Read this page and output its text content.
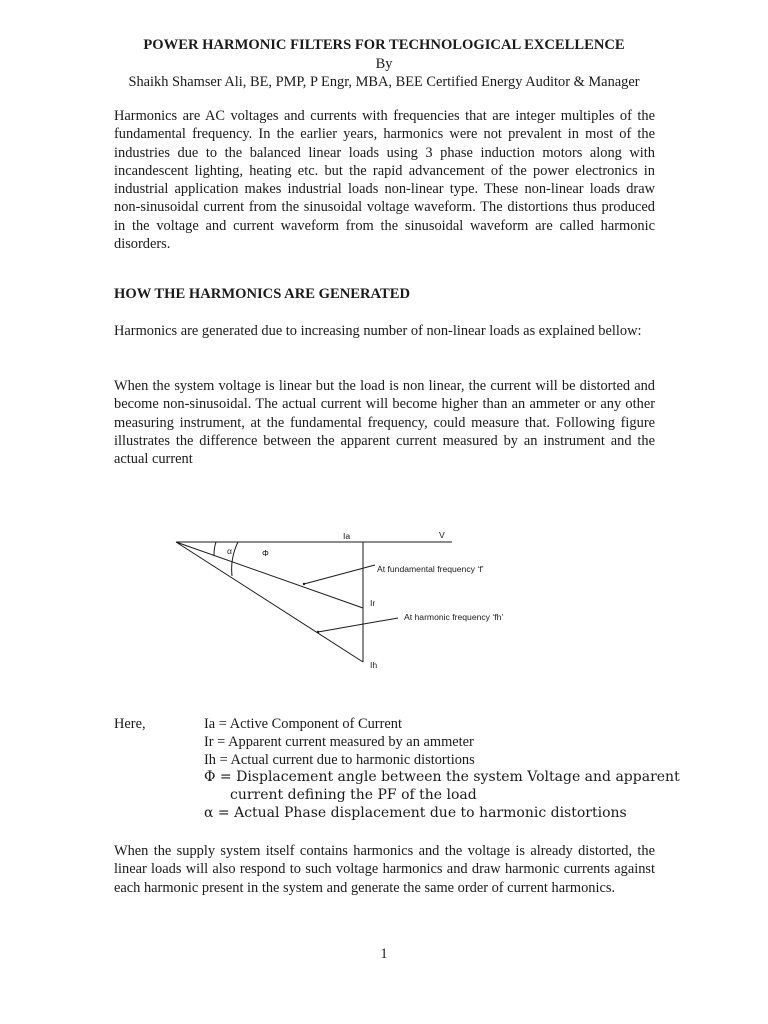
POWER HARMONIC FILTERS FOR TECHNOLOGICAL EXCELLENCE
By
Shaikh Shamser Ali, BE, PMP, P Engr, MBA, BEE Certified Energy Auditor & Manager

Harmonics are AC voltages and currents with frequencies that are integer multiples of the fundamental frequency. In the earlier years, harmonics were not prevalent in most of the industries due to the balanced linear loads using 3 phase induction motors along with incandescent lighting, heating etc. but the rapid advancement of the power electronics in industrial application makes industrial loads non-linear type. These non-linear loads draw non-sinusoidal current from the sinusoidal voltage waveform. The distortions thus produced in the voltage and current waveform from the sinusoidal waveform are called harmonic disorders.

HOW THE HARMONICS ARE GENERATED

Harmonics are generated due to increasing number of non-linear loads as explained bellow:

When the system voltage is linear but the load is non linear, the current will be distorted and become non-sinusoidal. The actual current will become higher than an ammeter or any other measuring instrument, at the fundamental frequency, could measure that. Following figure illustrates the difference between the apparent current measured by an instrument and the actual current

Ia	V
α	Φ
Ir
Ih
At fundamental frequency ‘f’
At harmonic frequency ‘fh’
Here,	Ia = Active Component of Current
Ir = Apparent current measured by an ammeter
Ih = Actual current due to harmonic distortions
Φ = Displacement angle between the system Voltage and apparent
current defining the PF of the load
α = Actual Phase displacement due to harmonic distortions

When the supply system itself contains harmonics and the voltage is already distorted, the linear loads will also respond to such voltage harmonics and draw harmonic currents against each harmonic present in the system and generate the same order of current harmonics.

1
